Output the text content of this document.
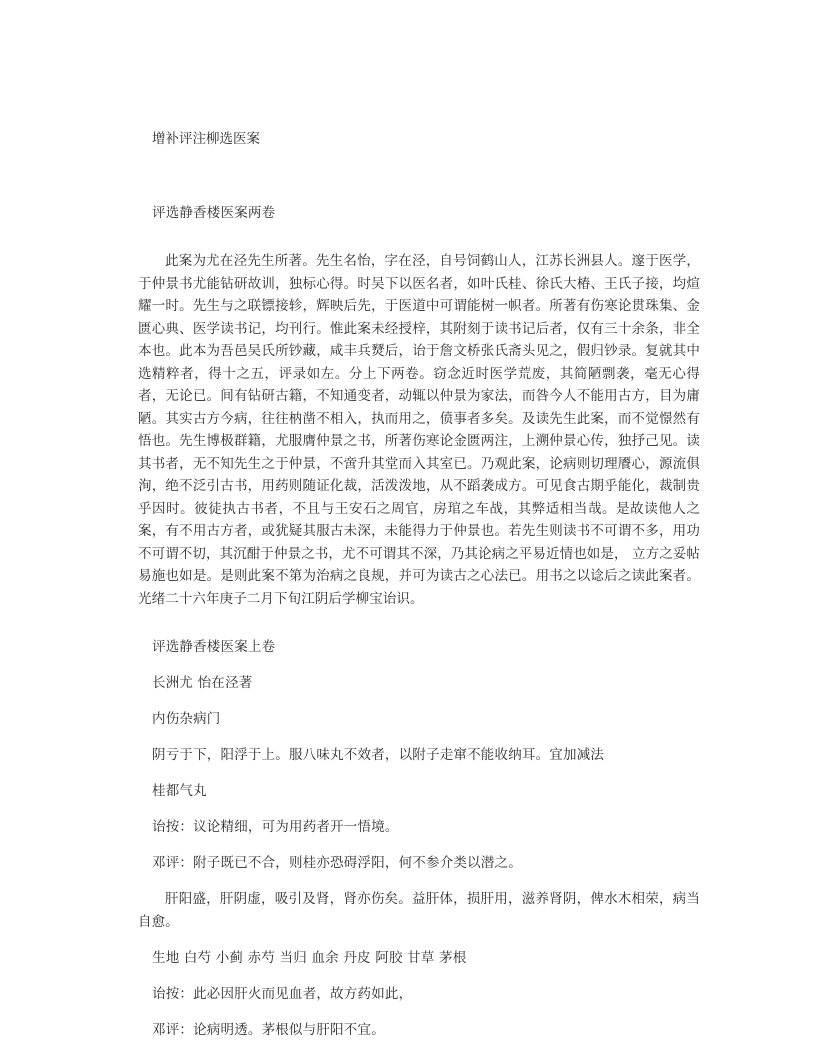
增补评注柳选医案

评选静香楼医案两卷

此案为尤在泾先生所著。先生名怡，字在泾，自号饲鹤山人，江苏长洲县人。邃于医学，于仲景书尤能钻研故训，独标心得。时吴下以医名者，如叶氏桂、徐氏大椿、王氏子接，均煊耀一时。先生与之联镖接轸，辉映后先，于医道中可谓能树一帜者。所著有伤寒论贯珠集、金匮心典、医学读书记，均刊行。惟此案未经授梓，其附刻于读书记后者，仅有三十余条，非全本也。此本为吾邑吴氏所钞藏，咸丰兵燹后，诒于詹文桥张氏斋头见之，假归钞录。复就其中选精粹者，得十之五，评录如左。分上下两卷。窃念近时医学荒废，其简陋剽袭，毫无心得者，无论已。间有钻研古籍，不知通变者，动辄以仲景为家法，而咎今人不能用古方，目为庸陋。其实古方今病，往往枘凿不相入，执而用之，偾事者多矣。及读先生此案，而不觉憬然有悟也。先生博极群籍，尤服膺仲景之书，所著伤寒论金匮两注，上溯仲景心传，独抒己见。读其书者，无不知先生之于仲景，不啻升其堂而入其室已。乃观此案，论病则切理餍心，源流俱洵，绝不泛引古书，用药则随证化裁，活泼泼地，从不蹈袭成方。可见食古期乎能化，裁制贵乎因时。彼徒执古书者，不且与王安石之周官，房琯之车战，其弊适相当哉。是故读他人之案，有不用古方者，或犹疑其服古未深，未能得力于仲景也。若先生则读书不可谓不多，用功不可谓不切，其沉酣于仲景之书，尤不可谓其不深，乃其论病之平易近情也如是， 立方之妥帖易施也如是。是则此案不第为治病之良规，并可为读古之心法已。用书之以谂后之读此案者。光绪二十六年庚子二月下旬江阴后学柳宝诒识。

评选静香楼医案上卷

长洲尤 怡在泾著

内伤杂病门

阴亏于下，阳浮于上。服八味丸不效者，以附子走窜不能收纳耳。宜加减法

桂都气丸

诒按：议论精细，可为用药者开一悟境。

邓评：附子既已不合，则桂亦恐碍浮阳，何不参介类以潜之。

肝阳盛，肝阴虚，吸引及肾，肾亦伤矣。益肝体，损肝用，滋养肾阴，俾水木相荣，病当自愈。

生地 白芍 小蓟 赤芍 当归 血余 丹皮 阿胶 甘草 茅根

诒按：此必因肝火而见血者，故方药如此，

邓评：论病明透。茅根似与肝阳不宜。
